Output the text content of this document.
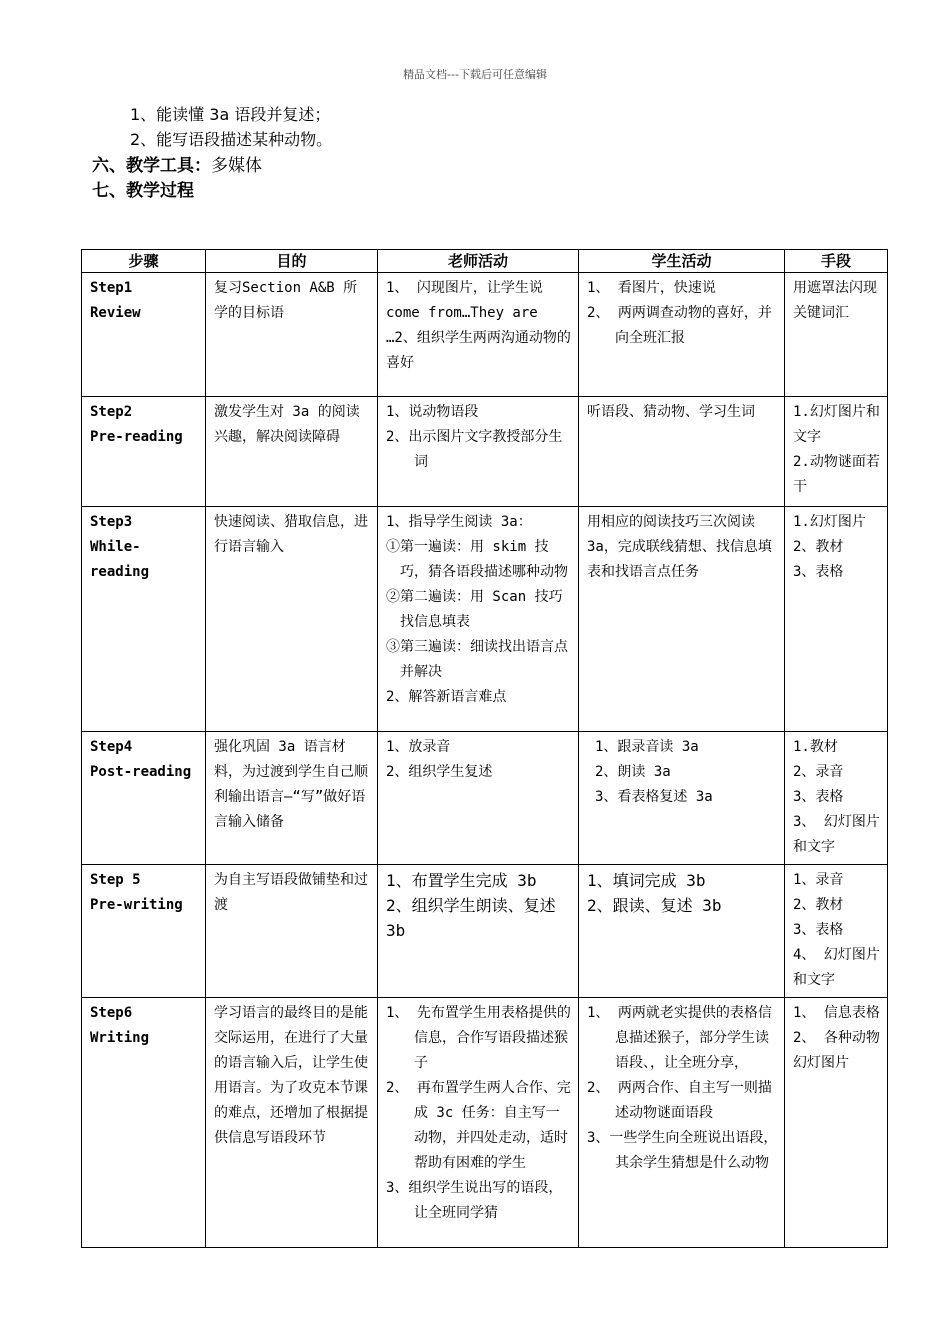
精品文档---下载后可任意编辑
1、能读懂 3a 语段并复述；
2、能写语段描述某种动物。
六、教学工具：多媒体
七、教学过程
步骤	目的	老师活动	学生活动	手段

Step1
Review	复习Section A&B 所学的目标语	1、 闪现图片，让学生说 come from…They are
…2、组织学生两两沟通动物的喜好	1、 看图片，快速说
2、 两两调查动物的喜好，并向全班汇报	用遮罩法闪现关键词汇

Step2
Pre-reading	激发学生对 3a 的阅读兴趣，解决阅读障碍	1、说动物语段
2、出示图片文字教授部分生词	听语段、猜动物、学习生词	1.幻灯图片和文字
2.动物谜面若干

Step3
While-
reading	快速阅读、猎取信息，进行语言输入	1、指导学生阅读 3a：
①第一遍读：用 skim 技巧，猜各语段描述哪种动物
②第二遍读：用 Scan 技巧找信息填表
③第三遍读：细读找出语言点并解决
2、解答新语言难点	用相应的阅读技巧三次阅读 3a，完成联线猜想、找信息填表和找语言点任务	1.幻灯图片
2、教材
3、表格

Step4
Post-reading	强化巩固 3a 语言材料，为过渡到学生自己顺利输出语言—“写”做好语言输入储备	1、放录音
2、组织学生复述	1、跟录音读 3a
2、朗读 3a
3、看表格复述 3a	1.教材
2、录音
3、表格
3、 幻灯图片和文字

Step 5
Pre-writing	为自主写语段做铺垫和过渡	1、布置学生完成 3b
2、组织学生朗读、复述 3b	1、填词完成 3b
2、跟读、复述 3b	1、录音
2、教材
3、表格
4、 幻灯图片和文字

Step6
Writing	学习语言的最终目的是能交际运用，在进行了大量的语言输入后，让学生使用语言。为了攻克本节课的难点，还增加了根据提供信息写语段环节	1、 先布置学生用表格提供的信息，合作写语段描述猴子
2、 再布置学生两人合作、完成 3c 任务：自主写一动物，并四处走动，适时帮助有困难的学生
3、组织学生说出写的语段，让全班同学猜	1、 两两就老实提供的表格信息描述猴子，部分学生读语段、，让全班分享，
2、 两两合作、自主写一则描述动物谜面语段
3、一些学生向全班说出语段，其余学生猜想是什么动物	1、 信息表格
2、 各种动物幻灯图片
